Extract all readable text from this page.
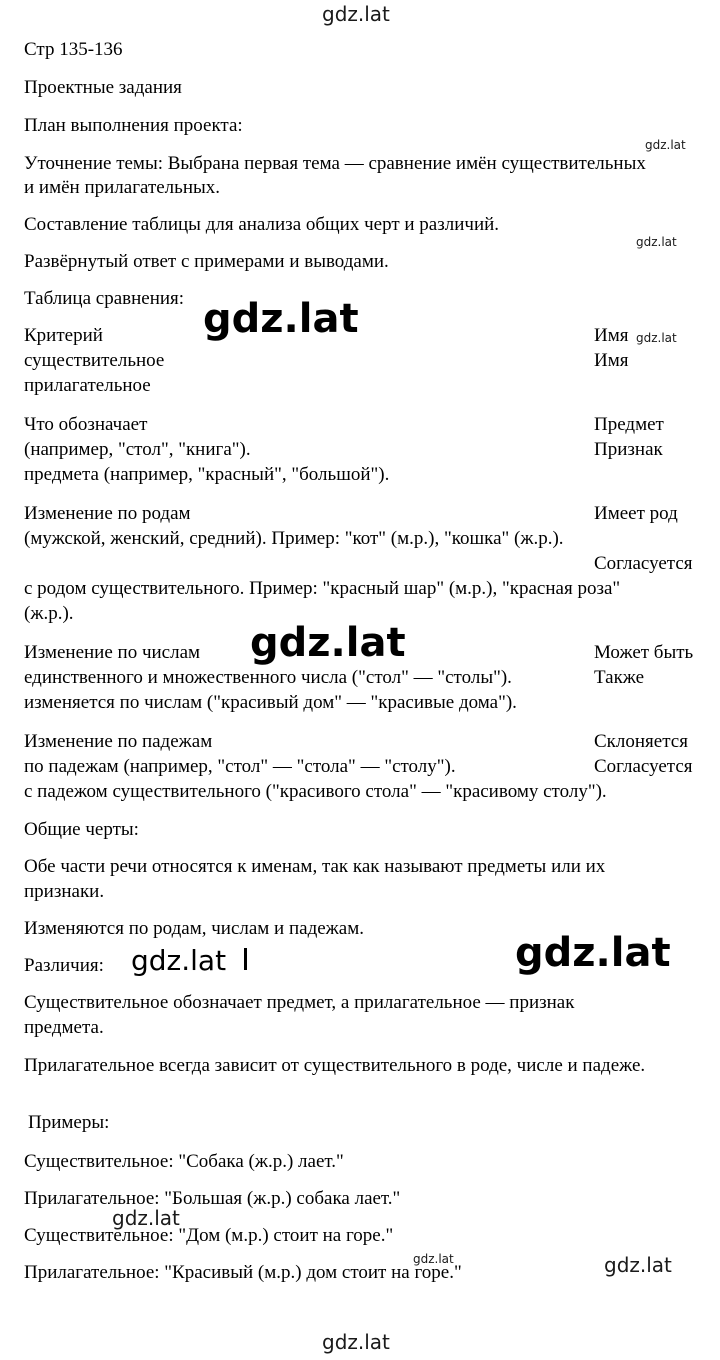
gdz.lat
gdz.lat
gdz.lat
gdz.lat	gdz.lat
gdz.lat
gdz.lat
gdz.lat
gdz.lat
gdz.lat	gdz.lat
gdz.lat
Стр 135-136
Проектные задания
План выполнения проекта:
Уточнение темы: Выбрана первая тема — сравнение имён существительных
и имён прилагательных.
Составление таблицы для анализа общих черт и различий.
Развёрнутый ответ с примерами и выводами.
Таблица сравнения:
Критерий
существительное
прилагательное
Имя
Имя
Что обозначает
(например, "стол", "книга").
предмета (например, "красный", "большой").
Предмет
Признак
Изменение по родам
(мужской, женский, средний). Пример: "кот" (м.р.), "кошка" (ж.р.).
с родом существительного. Пример: "красный шар" (м.р.), "красная роза"
(ж.р.).
Имеет род
Согласуется
Изменение по числам
единственного и множественного числа ("стол" — "столы").
изменяется по числам ("красивый дом" — "красивые дома").
Может быть
Также
Изменение по падежам
по падежам (например, "стол" — "стола" — "столу").
с падежом существительного ("красивого стола" — "красивому столу").
Склоняется
Согласуется
Общие черты:
Обе части речи относятся к именам, так как называют предметы или их
признаки.
Изменяются по родам, числам и падежам.
Различия:
Существительное обозначает предмет, а прилагательное — признак
предмета.
Прилагательное всегда зависит от существительного в роде, числе и падеже.
Примеры:
Существительное: "Собака (ж.р.) лает."
Прилагательное: "Большая (ж.р.) собака лает."
Существительное: "Дом (м.р.) стоит на горе."
Прилагательное: "Красивый (м.р.) дом стоит на горе."
